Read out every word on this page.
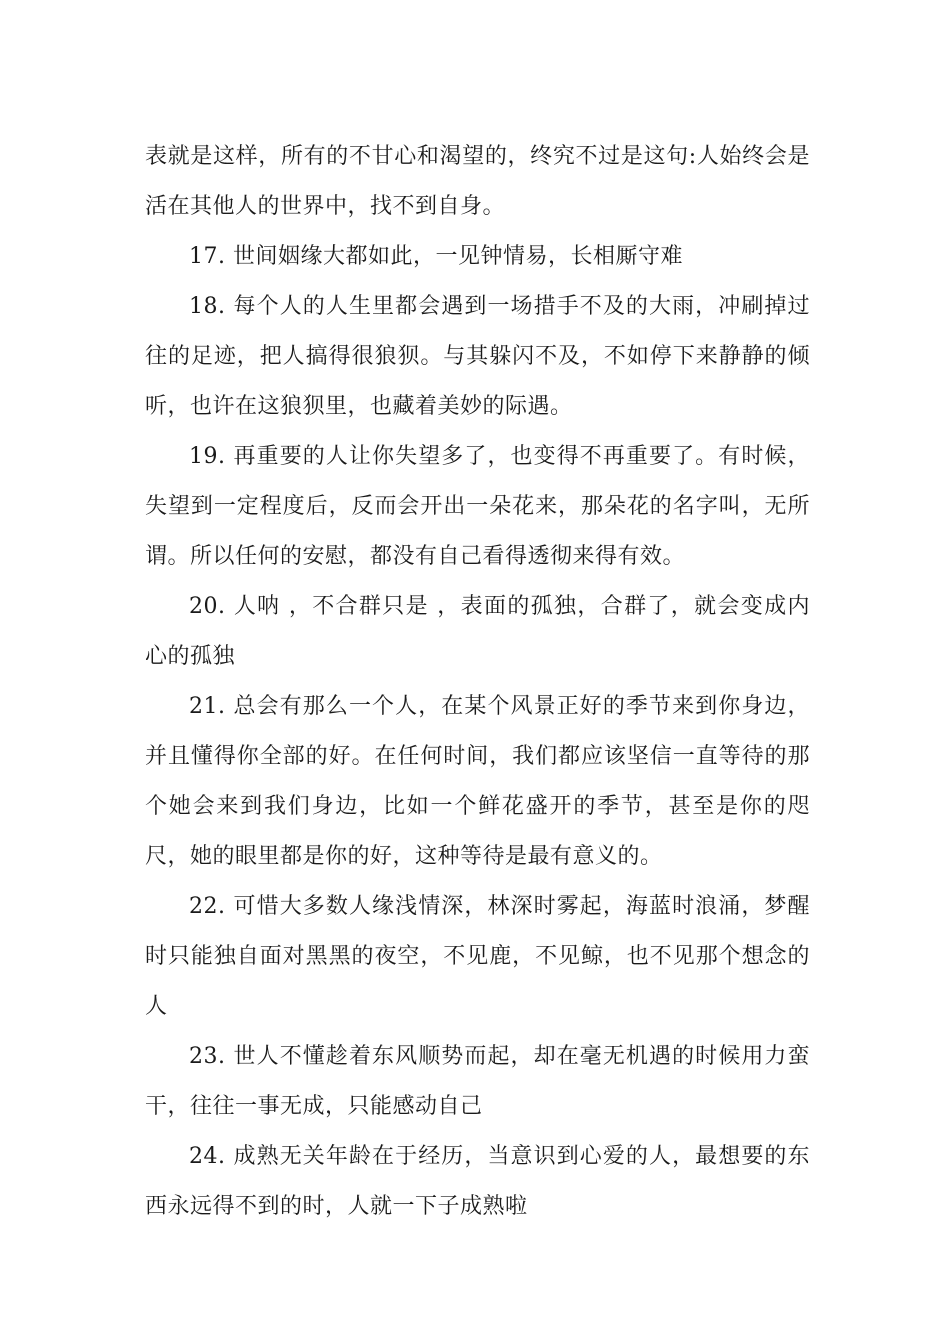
表就是这样，所有的不甘心和渴望的，终究不过是这句:人始终会是活在其他人的世界中，找不到自身。

17. 世间姻缘大都如此，一见钟情易，长相厮守难

18. 每个人的人生里都会遇到一场措手不及的大雨，冲刷掉过往的足迹，把人搞得很狼狈。与其躲闪不及，不如停下来静静的倾听，也许在这狼狈里，也藏着美妙的际遇。

19. 再重要的人让你失望多了，也变得不再重要了。有时候，失望到一定程度后，反而会开出一朵花来，那朵花的名字叫，无所谓。所以任何的安慰，都没有自己看得透彻来得有效。

20. 人呐 ，不合群只是 ，表面的孤独，合群了，就会变成内心的孤独

21. 总会有那么一个人，在某个风景正好的季节来到你身边，并且懂得你全部的好。在任何时间，我们都应该坚信一直等待的那个她会来到我们身边，比如一个鲜花盛开的季节，甚至是你的咫尺，她的眼里都是你的好，这种等待是最有意义的。

22. 可惜大多数人缘浅情深，林深时雾起，海蓝时浪涌，梦醒时只能独自面对黑黑的夜空，不见鹿，不见鲸，也不见那个想念的人

23. 世人不懂趁着东风顺势而起，却在毫无机遇的时候用力蛮干，往往一事无成，只能感动自己

24. 成熟无关年龄在于经历，当意识到心爱的人，最想要的东西永远得不到的时，人就一下子成熟啦
